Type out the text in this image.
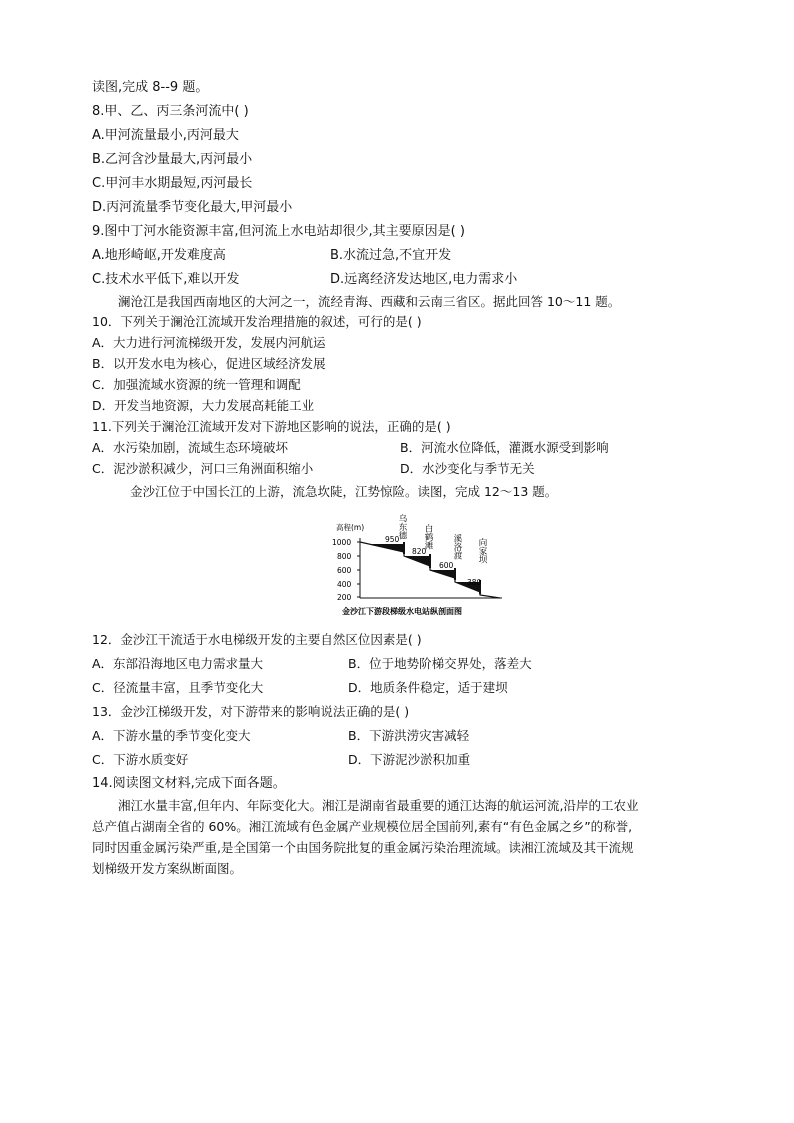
读图,完成 8--9 题。
8.甲、乙、丙三条河流中( )
A.甲河流量最小,丙河最大
B.乙河含沙量最大,丙河最小
C.甲河丰水期最短,丙河最长
D.丙河流量季节变化最大,甲河最小
9.图中丁河水能资源丰富,但河流上水电站却很少,其主要原因是( )
A.地形崎岖,开发难度高	B.水流过急,不宜开发
C.技术水平低下,难以开发	D.远离经济发达地区,电力需求小
澜沧江是我国西南地区的大河之一，流经青海、西藏和云南三省区。据此回答 10～11 题。
10．下列关于澜沧江流域开发治理措施的叙述，可行的是( )
A．大力进行河流梯级开发，发展内河航运
B．以开发水电为核心，促进区域经济发展
C．加强流域水资源的统一管理和调配
D．开发当地资源，大力发展高耗能工业
11.下列关于澜沧江流域开发对下游地区影响的说法，正确的是( )
A．水污染加剧，流域生态环境破坏	B．河流水位降低，灌溉水源受到影响
C．泥沙淤积减少，河口三角洲面积缩小	D．水沙变化与季节无关
金沙江位于中国长江的上游，流急坎陡，江势惊险。读图，完成 12～13 题。
高程(m)
1000
800
600
400
200
950
820
600
380
乌东德 白鹤滩 溪洛渡 向家坝
金沙江下游段梯级水电站纵剖面图
12．金沙江干流适于水电梯级开发的主要自然区位因素是( )
A．东部沿海地区电力需求量大	B．位于地势阶梯交界处，落差大
C．径流量丰富，且季节变化大	D．地质条件稳定，适于建坝
13．金沙江梯级开发，对下游带来的影响说法正确的是( )
A．下游水量的季节变化变大	B．下游洪涝灾害减轻
C．下游水质变好	D．下游泥沙淤积加重
14.阅读图文材料,完成下面各题。
湘江水量丰富,但年内、年际变化大。湘江是湖南省最重要的通江达海的航运河流,沿岸的工农业
总产值占湖南全省的 60%。湘江流域有色金属产业规模位居全国前列,素有“有色金属之乡”的称誉,
同时因重金属污染严重,是全国第一个由国务院批复的重金属污染治理流域。读湘江流域及其干流规
划梯级开发方案纵断面图。
